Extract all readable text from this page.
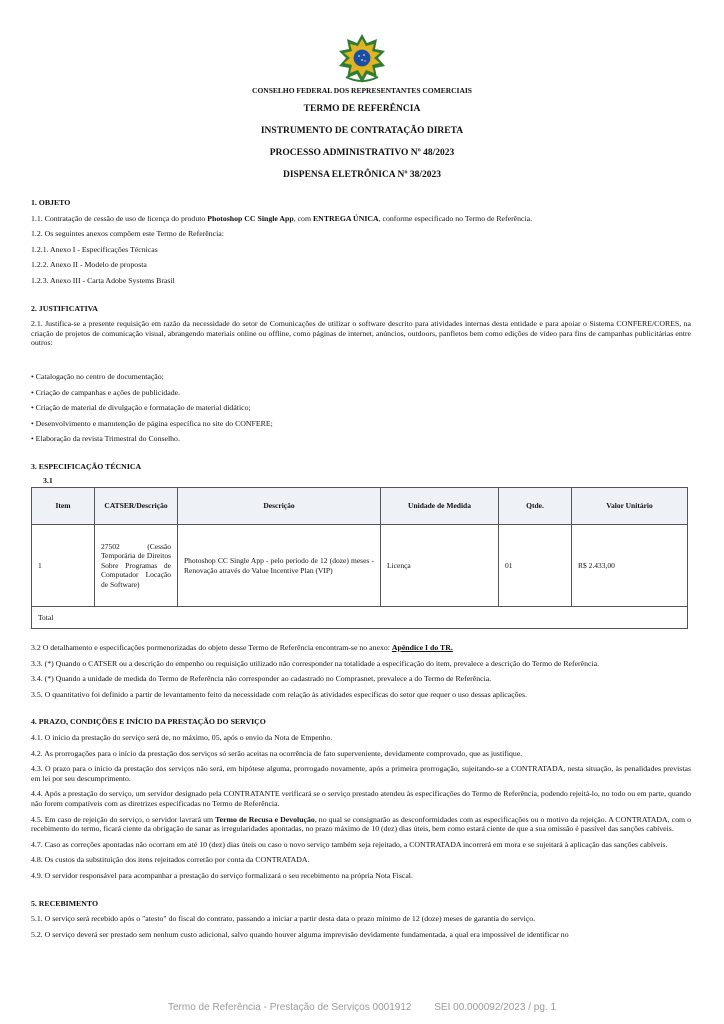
CONSELHO FEDERAL DOS REPRESENTANTES COMERCIAIS
TERMO DE REFERÊNCIA
INSTRUMENTO DE CONTRATAÇÃO DIRETA
PROCESSO ADMINISTRATIVO Nº 48/2023
DISPENSA ELETRÔNICA Nº 38/2023
1. OBJETO
1.1. Contratação de cessão de uso de licença do produto Photoshop CC Single App, com ENTREGA ÚNICA, conforme especificado no Termo de Referência.
1.2. Os seguintes anexos compõem este Termo de Referência:
1.2.1. Anexo I - Especificações Técnicas
1.2.2. Anexo II - Modelo de proposta
1.2.3. Anexo III - Carta Adobe Systems Brasil
2. JUSTIFICATIVA
2.1. Justifica-se a presente requisição em razão da necessidade do setor de Comunicações de utilizar o software descrito para atividades internas desta entidade e para apoiar o Sistema CONFERE/CORES, na criação de projetos de comunicação visual, abrangendo materiais online ou offline, como páginas de internet, anúncios, outdoors, panfletos bem como edições de vídeo para fins de campanhas publicitárias entre outros:
• Catalogação no centro de documentação;
• Criação de campanhas e ações de publicidade.
• Criação de material de divulgação e formatação de material didático;
• Desenvolvimento e manutenção de página específica no site do CONFERE;
• Elaboração da revista Trimestral do Conselho.
3. ESPECIFICAÇÃO TÉCNICA
3.1
Item	CATSER/Descrição	Descrição	Unidade de Medida	Qtde.	Valor Unitário
1	27502 (Cessão Temporária de Direitos Sobre Programas de Computador Locação de Software)	Photoshop CC Single App - pelo período de 12 (doze) meses - Renovação através do Value Incentive Plan (VIP)	Licença	01	R$ 2.433,00
Total					
3.2 O detalhamento e especificações pormenorizadas do objeto desse Termo de Referência encontram-se no anexo: Apêndice I do TR.
3.3. (*) Quando o CATSER ou a descrição do empenho ou requisição utilizado não corresponder na totalidade a especificação do item, prevalece a descrição do Termo de Referência.
3.4. (*) Quando a unidade de medida do Termo de Referência não corresponder ao cadastrado no Comprasnet, prevalece a do Termo de Referência.
3.5. O quantitativo foi definido a partir de levantamento feito da necessidade com relação às atividades específicas do setor que requer o uso dessas aplicações.
4. PRAZO, CONDIÇÕES E INÍCIO DA PRESTAÇÃO DO SERVIÇO
4.1. O início da prestação do serviço será de, no máximo, 05, após o envio da Nota de Empenho.
4.2. As prorrogações para o início da prestação dos serviços só serão aceitas na ocorrência de fato superveniente, devidamente comprovado, que as justifique.
4.3. O prazo para o início da prestação dos serviços não será, em hipótese alguma, prorrogado novamente, após a primeira prorrogação, sujeitando-se a CONTRATADA, nesta situação, às penalidades previstas em lei por seu descumprimento.
4.4. Após a prestação do serviço, um servidor designado pela CONTRATANTE verificará se o serviço prestado atendeu às especificações do Termo de Referência, podendo rejeitá-lo, no todo ou em parte, quando não forem compatíveis com as diretrizes especificadas no Termo de Referência.
4.5. Em caso de rejeição do serviço, o servidor lavrará um Termo de Recusa e Devolução, no qual se consignarão as desconformidades com as especificações ou o motivo da rejeição. A CONTRATADA, com o recebimento do termo, ficará ciente da obrigação de sanar as irregularidades apontadas, no prazo máximo de 10 (dez) dias úteis, bem como estará ciente de que a sua omissão é passível das sanções cabíveis.
4.7. Caso as correções apontadas não ocorram em até 10 (dez) dias úteis ou caso o novo serviço também seja rejeitado, a CONTRATADA incorrerá em mora e se sujeitará à aplicação das sanções cabíveis.
4.8. Os custos da substituição dos itens rejeitados correrão por conta da CONTRATADA.
4.9. O servidor responsável para acompanhar a prestação do serviço formalizará o seu recebimento na própria Nota Fiscal.
5. RECEBIMENTO
5.1. O serviço será recebido após o "atesto" do fiscal do contrato, passando a iniciar a partir desta data o prazo mínimo de 12 (doze) meses de garantia do serviço.
5.2. O serviço deverá ser prestado sem nenhum custo adicional, salvo quando houver alguma imprevisão devidamente fundamentada, a qual era impossível de identificar no
Termo de Referência - Prestação de Serviços 0001912 SEI 00.000092/2023 / pg. 1
